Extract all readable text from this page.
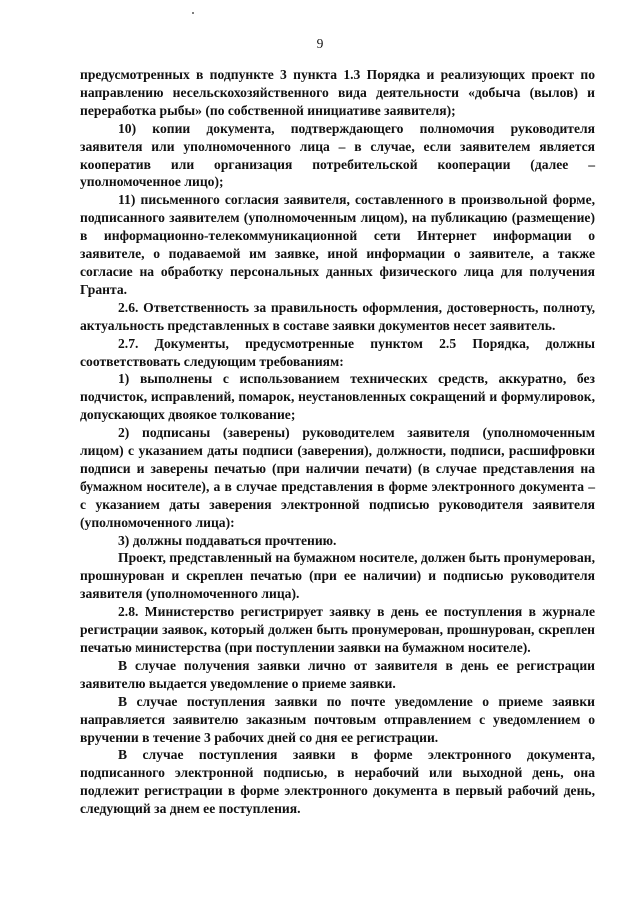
9

предусмотренных в подпункте 3 пункта 1.3 Порядка и реализующих проект по направлению несельскохозяйственного вида деятельности «добыча (вылов) и переработка рыбы» (по собственной инициативе заявителя);

10) копии документа, подтверждающего полномочия руководителя заявителя или уполномоченного лица – в случае, если заявителем является кооператив или организация потребительской кооперации (далее – уполномоченное лицо);

11) письменного согласия заявителя, составленного в произвольной форме, подписанного заявителем (уполномоченным лицом), на публикацию (размещение) в информационно-телекоммуникационной сети Интернет информации о заявителе, о подаваемой им заявке, иной информации о заявителе, а также согласие на обработку персональных данных физического лица для получения Гранта.

2.6. Ответственность за правильность оформления, достоверность, полноту, актуальность представленных в составе заявки документов несет заявитель.

2.7. Документы, предусмотренные пунктом 2.5 Порядка, должны соответствовать следующим требованиям:

1) выполнены с использованием технических средств, аккуратно, без подчисток, исправлений, помарок, неустановленных сокращений и формулировок, допускающих двоякое толкование;

2) подписаны (заверены) руководителем заявителя (уполномоченным лицом) с указанием даты подписи (заверения), должности, подписи, расшифровки подписи и заверены печатью (при наличии печати) (в случае представления на бумажном носителе), а в случае представления в форме электронного документа – с указанием даты заверения электронной подписью руководителя заявителя (уполномоченного лица):

3) должны поддаваться прочтению.

Проект, представленный на бумажном носителе, должен быть пронумерован, прошнурован и скреплен печатью (при ее наличии) и подписью руководителя заявителя (уполномоченного лица).

2.8. Министерство регистрирует заявку в день ее поступления в журнале регистрации заявок, который должен быть пронумерован, прошнурован, скреплен печатью министерства (при поступлении заявки на бумажном носителе).

В случае получения заявки лично от заявителя в день ее регистрации заявителю выдается уведомление о приеме заявки.

В случае поступления заявки по почте уведомление о приеме заявки направляется заявителю заказным почтовым отправлением с уведомлением о вручении в течение 3 рабочих дней со дня ее регистрации.

В случае поступления заявки в форме электронного документа, подписанного электронной подписью, в нерабочий или выходной день, она подлежит регистрации в форме электронного документа в первый рабочий день, следующий за днем ее поступления.
